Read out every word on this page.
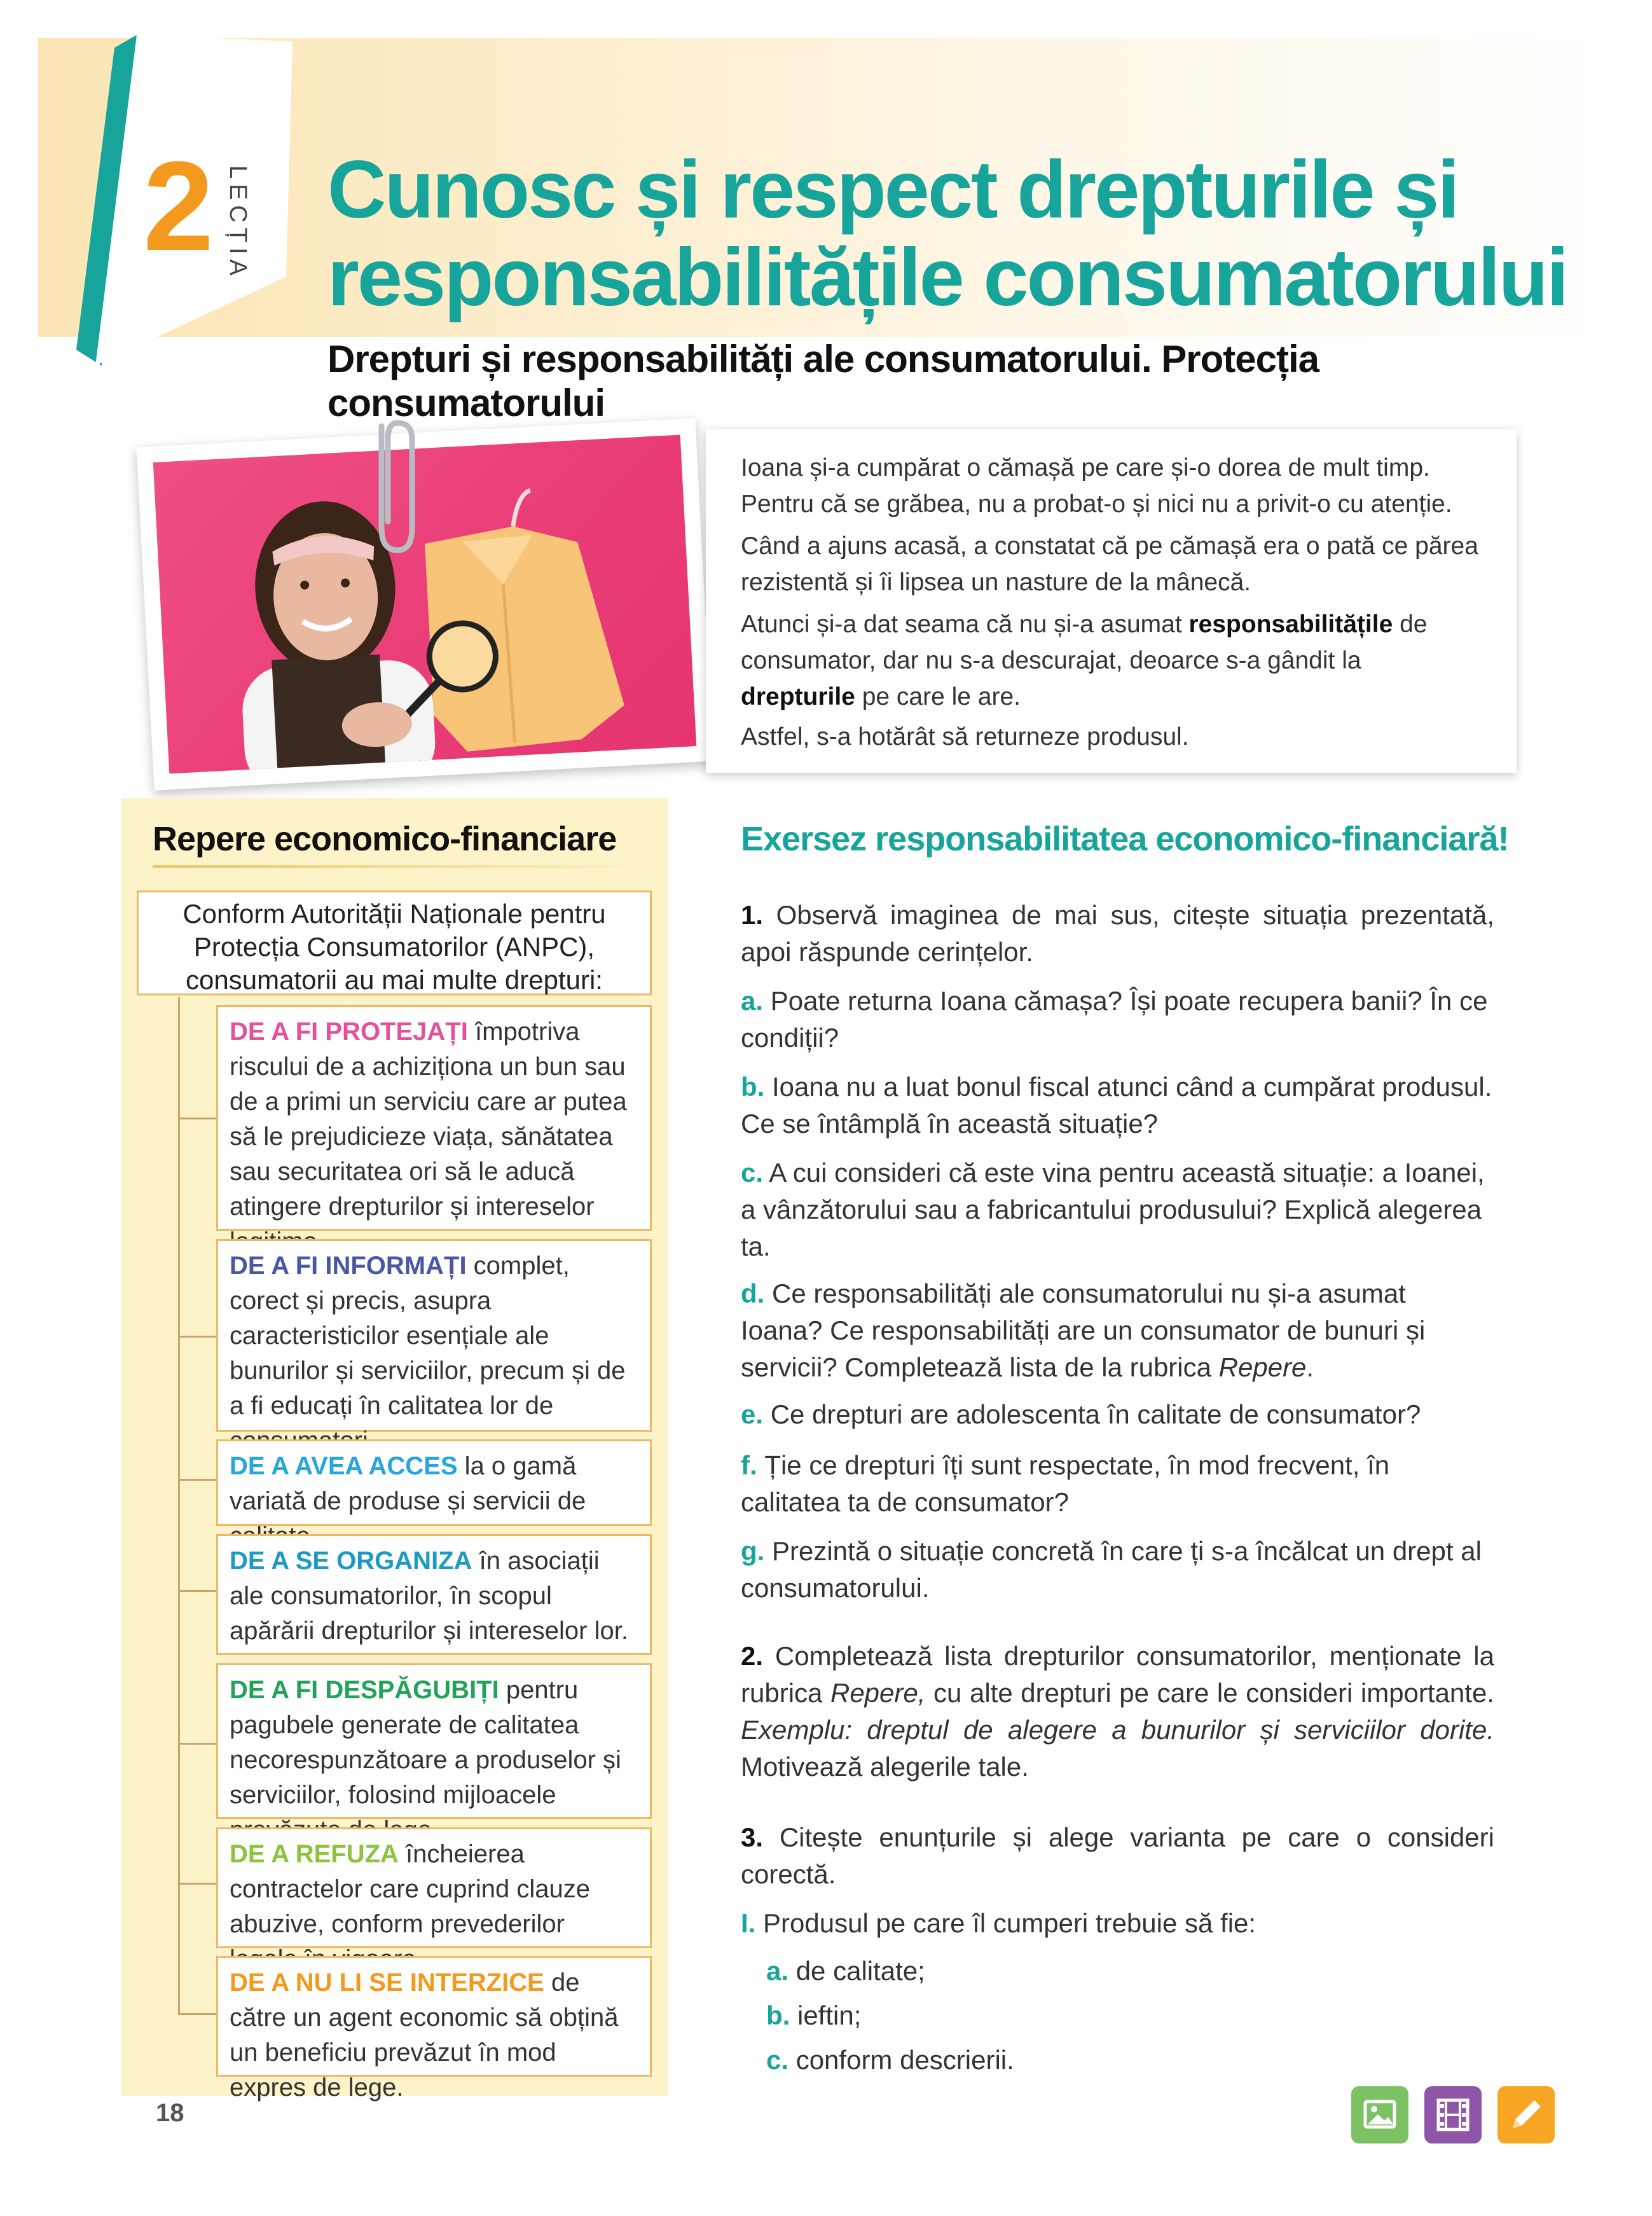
2 LECȚIA Cunosc și respect drepturile și
responsabilitățile consumatorului
Drepturi și responsabilități ale consumatorului. Protecția consumatorului

Ioana și-a cumpărat o cămașă pe care și-o dorea de mult timp. Pentru că se grăbea, nu a probat-o și nici nu a privit-o cu atenție.

Când a ajuns acasă, a constatat că pe cămașă era o pată ce părea rezistentă și îi lipsea un nasture de la mânecă.

Atunci și-a dat seama că nu și-a asumat responsabilitățile de consumator, dar nu s-a descurajat, deoarce s-a gândit la drepturile pe care le are.

Astfel, s-a hotărât să returneze produsul.

Repere economico-financiare
Conform Autorității Naționale pentru Protecția Consumatorilor (ANPC), consumatorii au mai multe drepturi:
DE A FI PROTEJAȚI împotriva riscului de a achiziționa un bun sau de a primi un serviciu care ar putea să le prejudicieze viața, sănătatea sau securitatea ori să le aducă atingere drepturilor și intereselor
DE A FI INFORMAȚI complet, corect și precis, asupra caracteristicilor esențiale ale bunurilor și serviciilor, precum și de a fi educați în calitatea lor de
DE A AVEA ACCES la o gamă variată de produse și servicii de
DE A SE ORGANIZA în asociații ale consumatorilor, în scopul apărării drepturilor și intereselor lor.
DE A FI DESPĂGUBIȚI pentru pagubele generate de calitatea necorespunzătoare a produselor și serviciilor, folosind mijloacele
DE A REFUZA încheierea contractelor care cuprind clauze abuzive, conform prevederilor
DE A NU LI SE INTERZICE de către un agent economic să obțină un beneficiu prevăzut în mod expres de lege.
Exersez responsabilitatea economico-financiară!

1. Observă imaginea de mai sus, citește situația prezentată, apoi răspunde cerințelor.

a. Poate returna Ioana cămașa? Își poate recupera banii? În ce condiții?

b. Ioana nu a luat bonul fiscal atunci când a cumpărat produsul. Ce se întâmplă în această situație?

c. A cui consideri că este vina pentru această situație: a Ioanei, a vânzătorului sau a fabricantului produsului? Explică alegerea ta.

d. Ce responsabilități ale consumatorului nu și-a asumat Ioana? Ce responsabilități are un consumator de bunuri și servicii? Completează lista de la rubrica Repere.

e. Ce drepturi are adolescenta în calitate de consumator?

f. Ție ce drepturi îți sunt respectate, în mod frecvent, în calitatea ta de consumator?

g. Prezintă o situație concretă în care ți s-a încălcat un drept al consumatorului.

2. Completează lista drepturilor consumatorilor, menționate la rubrica Repere, cu alte drepturi pe care le consideri importante. Exemplu: dreptul de alegere a bunurilor și serviciilor dorite. Motivează alegerile tale.

3. Citește enunțurile și alege varianta pe care o consideri corectă.

I. Produsul pe care îl cumperi trebuie să fie:

a. de calitate;

b. ieftin;

c. conform descrierii.

18
